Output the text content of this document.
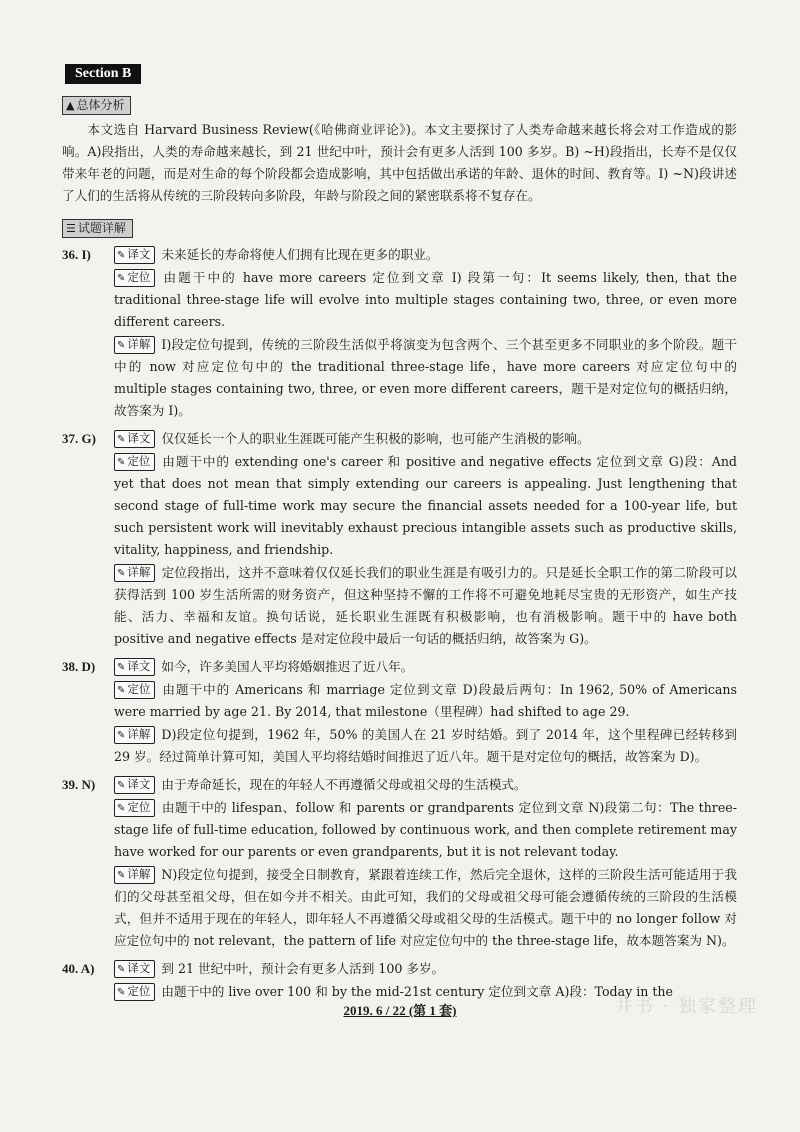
Section B
▲ 总体分析

本文选自 Harvard Business Review(《哈佛商业评论》)。本文主要探讨了人类寿命越来越长将会对工作造成的影响。A)段指出，人类的寿命越来越长，到 21 世纪中叶，预计会有更多人活到 100 多岁。B) ~H)段指出，长寿不是仅仅带来年老的问题，而是对生命的每个阶段都会造成影响，其中包括做出承诺的年龄、退休的时间、教育等。I) ~N)段讲述了人们的生活将从传统的三阶段转向多阶段，年龄与阶段之间的紧密联系将不复存在。

☰ 试题详解
36. I)	✎ 译文 未来延长的寿命将使人们拥有比现在更多的职业。

✎ 定位 由题干中的 have more careers 定位到文章 I) 段第一句：It seems likely, then, that the traditional three-stage life will evolve into multiple stages containing two, three, or even more different careers.

✎ 详解 I)段定位句提到，传统的三阶段生活似乎将演变为包含两个、三个甚至更多不同职业的多个阶段。题干中的 now 对应定位句中的 the traditional three-stage life，have more careers 对应定位句中的 multiple stages containing two, three, or even more different careers，题干是对定位句的概括归纳，故答案为 I)。

37. G)	✎ 译文 仅仅延长一个人的职业生涯既可能产生积极的影响，也可能产生消极的影响。

✎ 定位 由题干中的 extending one's career 和 positive and negative effects 定位到文章 G)段：And yet that does not mean that simply extending our careers is appealing. Just lengthening that second stage of full-time work may secure the financial assets needed for a 100-year life, but such persistent work will inevitably exhaust precious intangible assets such as productive skills, vitality, happiness, and friendship.

✎ 详解 定位段指出，这并不意味着仅仅延长我们的职业生涯是有吸引力的。只是延长全职工作的第二阶段可以获得活到 100 岁生活所需的财务资产，但这种坚持不懈的工作将不可避免地耗尽宝贵的无形资产，如生产技能、活力、幸福和友谊。换句话说，延长职业生涯既有积极影响，也有消极影响。题干中的 have both positive and negative effects 是对定位段中最后一句话的概括归纳，故答案为 G)。

38. D)	✎ 译文 如今，许多美国人平均将婚姻推迟了近八年。

✎ 定位 由题干中的 Americans 和 marriage 定位到文章 D)段最后两句：In 1962, 50% of Americans were married by age 21. By 2014, that milestone（里程碑）had shifted to age 29.

✎ 详解 D)段定位句提到，1962 年，50% 的美国人在 21 岁时结婚。到了 2014 年，这个里程碑已经转移到 29 岁。经过简单计算可知，美国人平均将结婚时间推迟了近八年。题干是对定位句的概括，故答案为 D)。

39. N)	✎ 译文 由于寿命延长，现在的年轻人不再遵循父母或祖父母的生活模式。

✎ 定位 由题干中的 lifespan、follow 和 parents or grandparents 定位到文章 N)段第二句：The three-stage life of full-time education, followed by continuous work, and then complete retirement may have worked for our parents or even grandparents, but it is not relevant today.

✎ 详解 N)段定位句提到，接受全日制教育，紧跟着连续工作，然后完全退休，这样的三阶段生活可能适用于我们的父母甚至祖父母，但在如今并不相关。由此可知，我们的父母或祖父母可能会遵循传统的三阶段的生活模式，但并不适用于现在的年轻人，即年轻人不再遵循父母或祖父母的生活模式。题干中的 no longer follow 对应定位句中的 not relevant，the pattern of life 对应定位句中的 the three-stage life，故本题答案为 N)。

40. A)	✎ 译文 到 21 世纪中叶，预计会有更多人活到 100 多岁。

✎ 定位 由题干中的 live over 100 和 by the mid-21st century 定位到文章 A)段：Today in the

2019. 6 / 22 (第 1 套)	井书 · 独家整理
